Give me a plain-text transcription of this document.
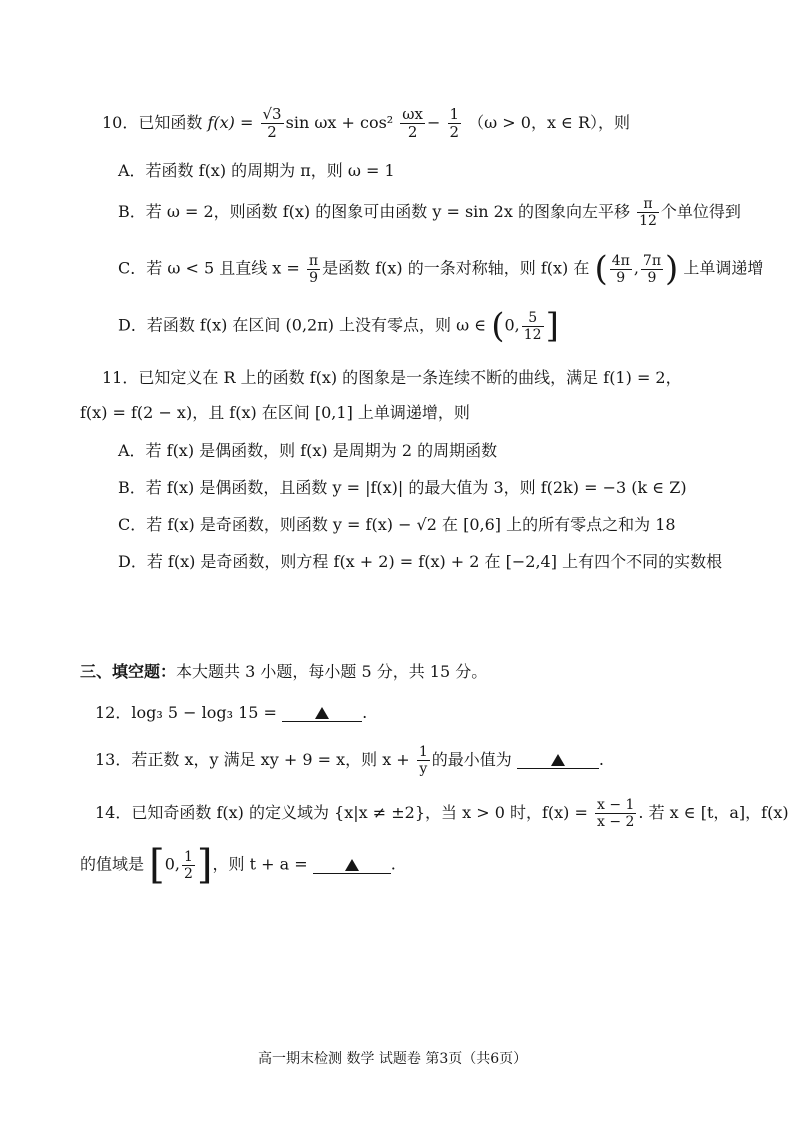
10．已知函数 $f(x) = \frac{√3}{2}$ $\sin \omega x + \cos^2 \frac{\omega x}{2} - \frac{1}{2} (\omega > 0$，x ∈ R），则
A．若函数 f(x) 的周期为 π，则 ω = 1
B．若 ω = 2，则函数 f(x) 的图象可由函数 y = sin 2x 的图象向左平移 $\frac{\pi}{12}$ 个单位得到
C．若 ω < 5 且直线 $x = \frac{\pi}{9}$ 是函数 f(x) 的一条对称轴，则 f(x) 在 ( $\frac{4\pi}{9}$ , $\frac{7\pi}{9}$ ) 上单调递增
D．若函数 f(x) 在区间 (0,2π) 上没有零点，则 ω ∈ (0, $\frac{5}{12}$ ]
11．已知定义在 R 上的函数 f(x) 的图象是一条连续不断的曲线，满足 f(1) = 2，
f(x) = f(2 − x)，且 f(x) 在区间 [0,1] 上单调递增，则
A．若 f(x) 是偶函数，则 f(x) 是周期为 2 的周期函数
B．若 f(x) 是偶函数，且函数 y = |f(x)| 的最大值为 3，则 f(2k) = −3 (k ∈ Z)
C．若 f(x) 是奇函数，则函数 y = f(x) − √2 在 [0,6] 上的所有零点之和为 18
D．若 f(x) 是奇函数，则方程 f(x + 2) = f(x) + 2 在 [−2,4] 上有四个不同的实数根
三、填空题：本大题共 3 小题，每小题 5 分，共 15 分。
12．log₃ 5 − log₃ 15 =	.
13．若正数 x，y 满足 xy + 9 = x，则 $x + \frac{1}{y}$ 的最小值为	.
14．已知奇函数 f(x) 的定义域为 {x|x ≠ ±2}，当 x > 0 时，$f(x) = \frac{x - 1}{x - 2}$ . 若 x ∈ [t，a]，f(x)
的值域是 [0, $\frac{1}{2}$ ]，则 t + a =	.
高一期末检测 数学 试题卷 第3页（共6页）
